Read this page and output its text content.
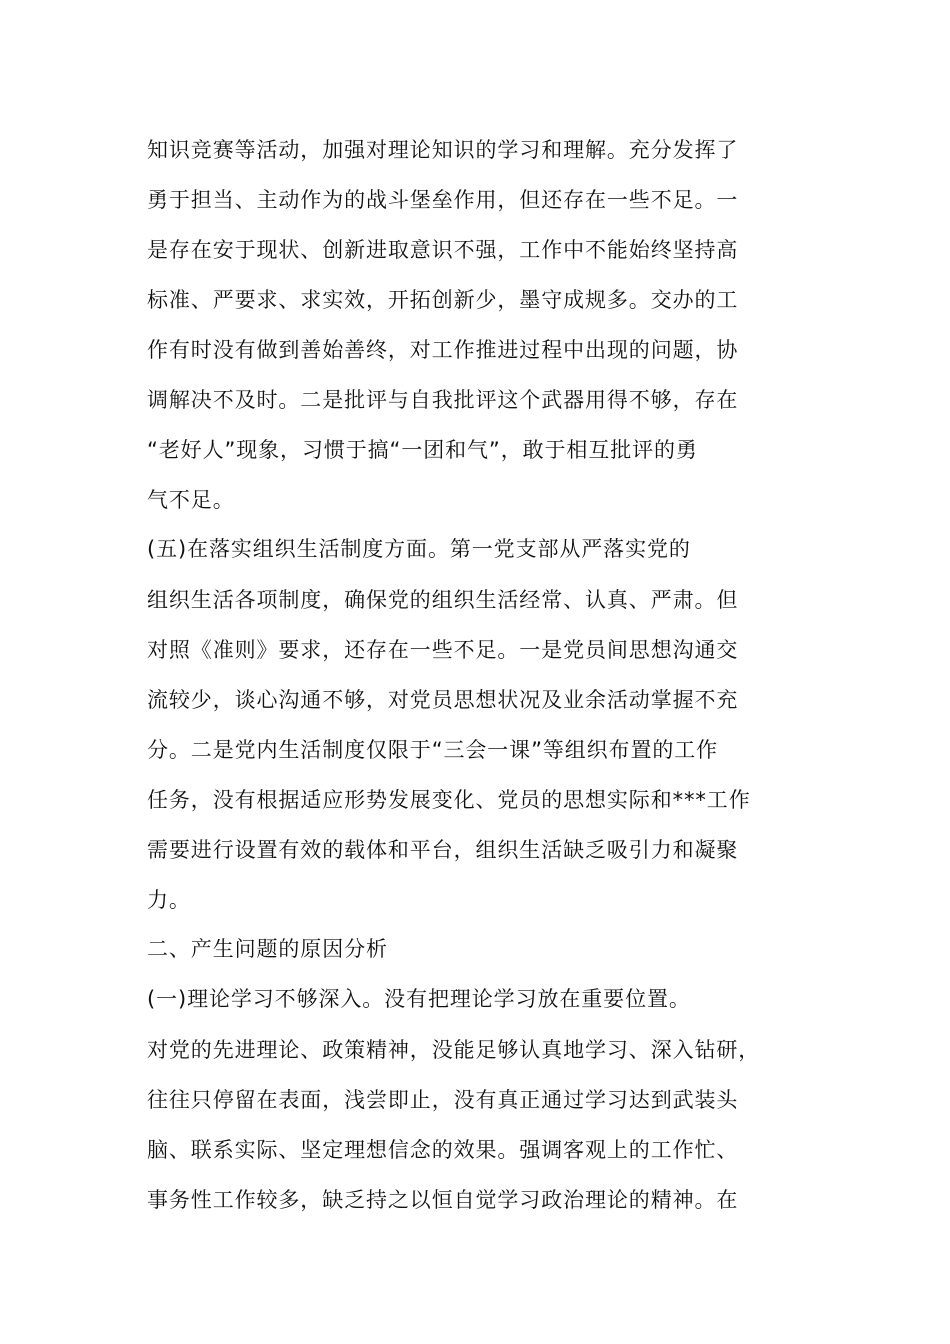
知识竞赛等活动，加强对理论知识的学习和理解。充分发挥了
勇于担当、主动作为的战斗堡垒作用，但还存在一些不足。一
是存在安于现状、创新进取意识不强，工作中不能始终坚持高
标准、严要求、求实效，开拓创新少，墨守成规多。交办的工
作有时没有做到善始善终，对工作推进过程中出现的问题，协
调解决不及时。二是批评与自我批评这个武器用得不够，存在
“老好人”现象，习惯于搞“一团和气”，敢于相互批评的勇
气不足。
(五)在落实组织生活制度方面。第一党支部从严落实党的
组织生活各项制度，确保党的组织生活经常、认真、严肃。但
对照《准则》要求，还存在一些不足。一是党员间思想沟通交
流较少，谈心沟通不够，对党员思想状况及业余活动掌握不充
分。二是党内生活制度仅限于“三会一课”等组织布置的工作
任务，没有根据适应形势发展变化、党员的思想实际和***工作
需要进行设置有效的载体和平台，组织生活缺乏吸引力和凝聚
力。
二、产生问题的原因分析
(一)理论学习不够深入。没有把理论学习放在重要位置。
对党的先进理论、政策精神，没能足够认真地学习、深入钻研，
往往只停留在表面，浅尝即止，没有真正通过学习达到武装头
脑、联系实际、坚定理想信念的效果。强调客观上的工作忙、
事务性工作较多，缺乏持之以恒自觉学习政治理论的精神。在
